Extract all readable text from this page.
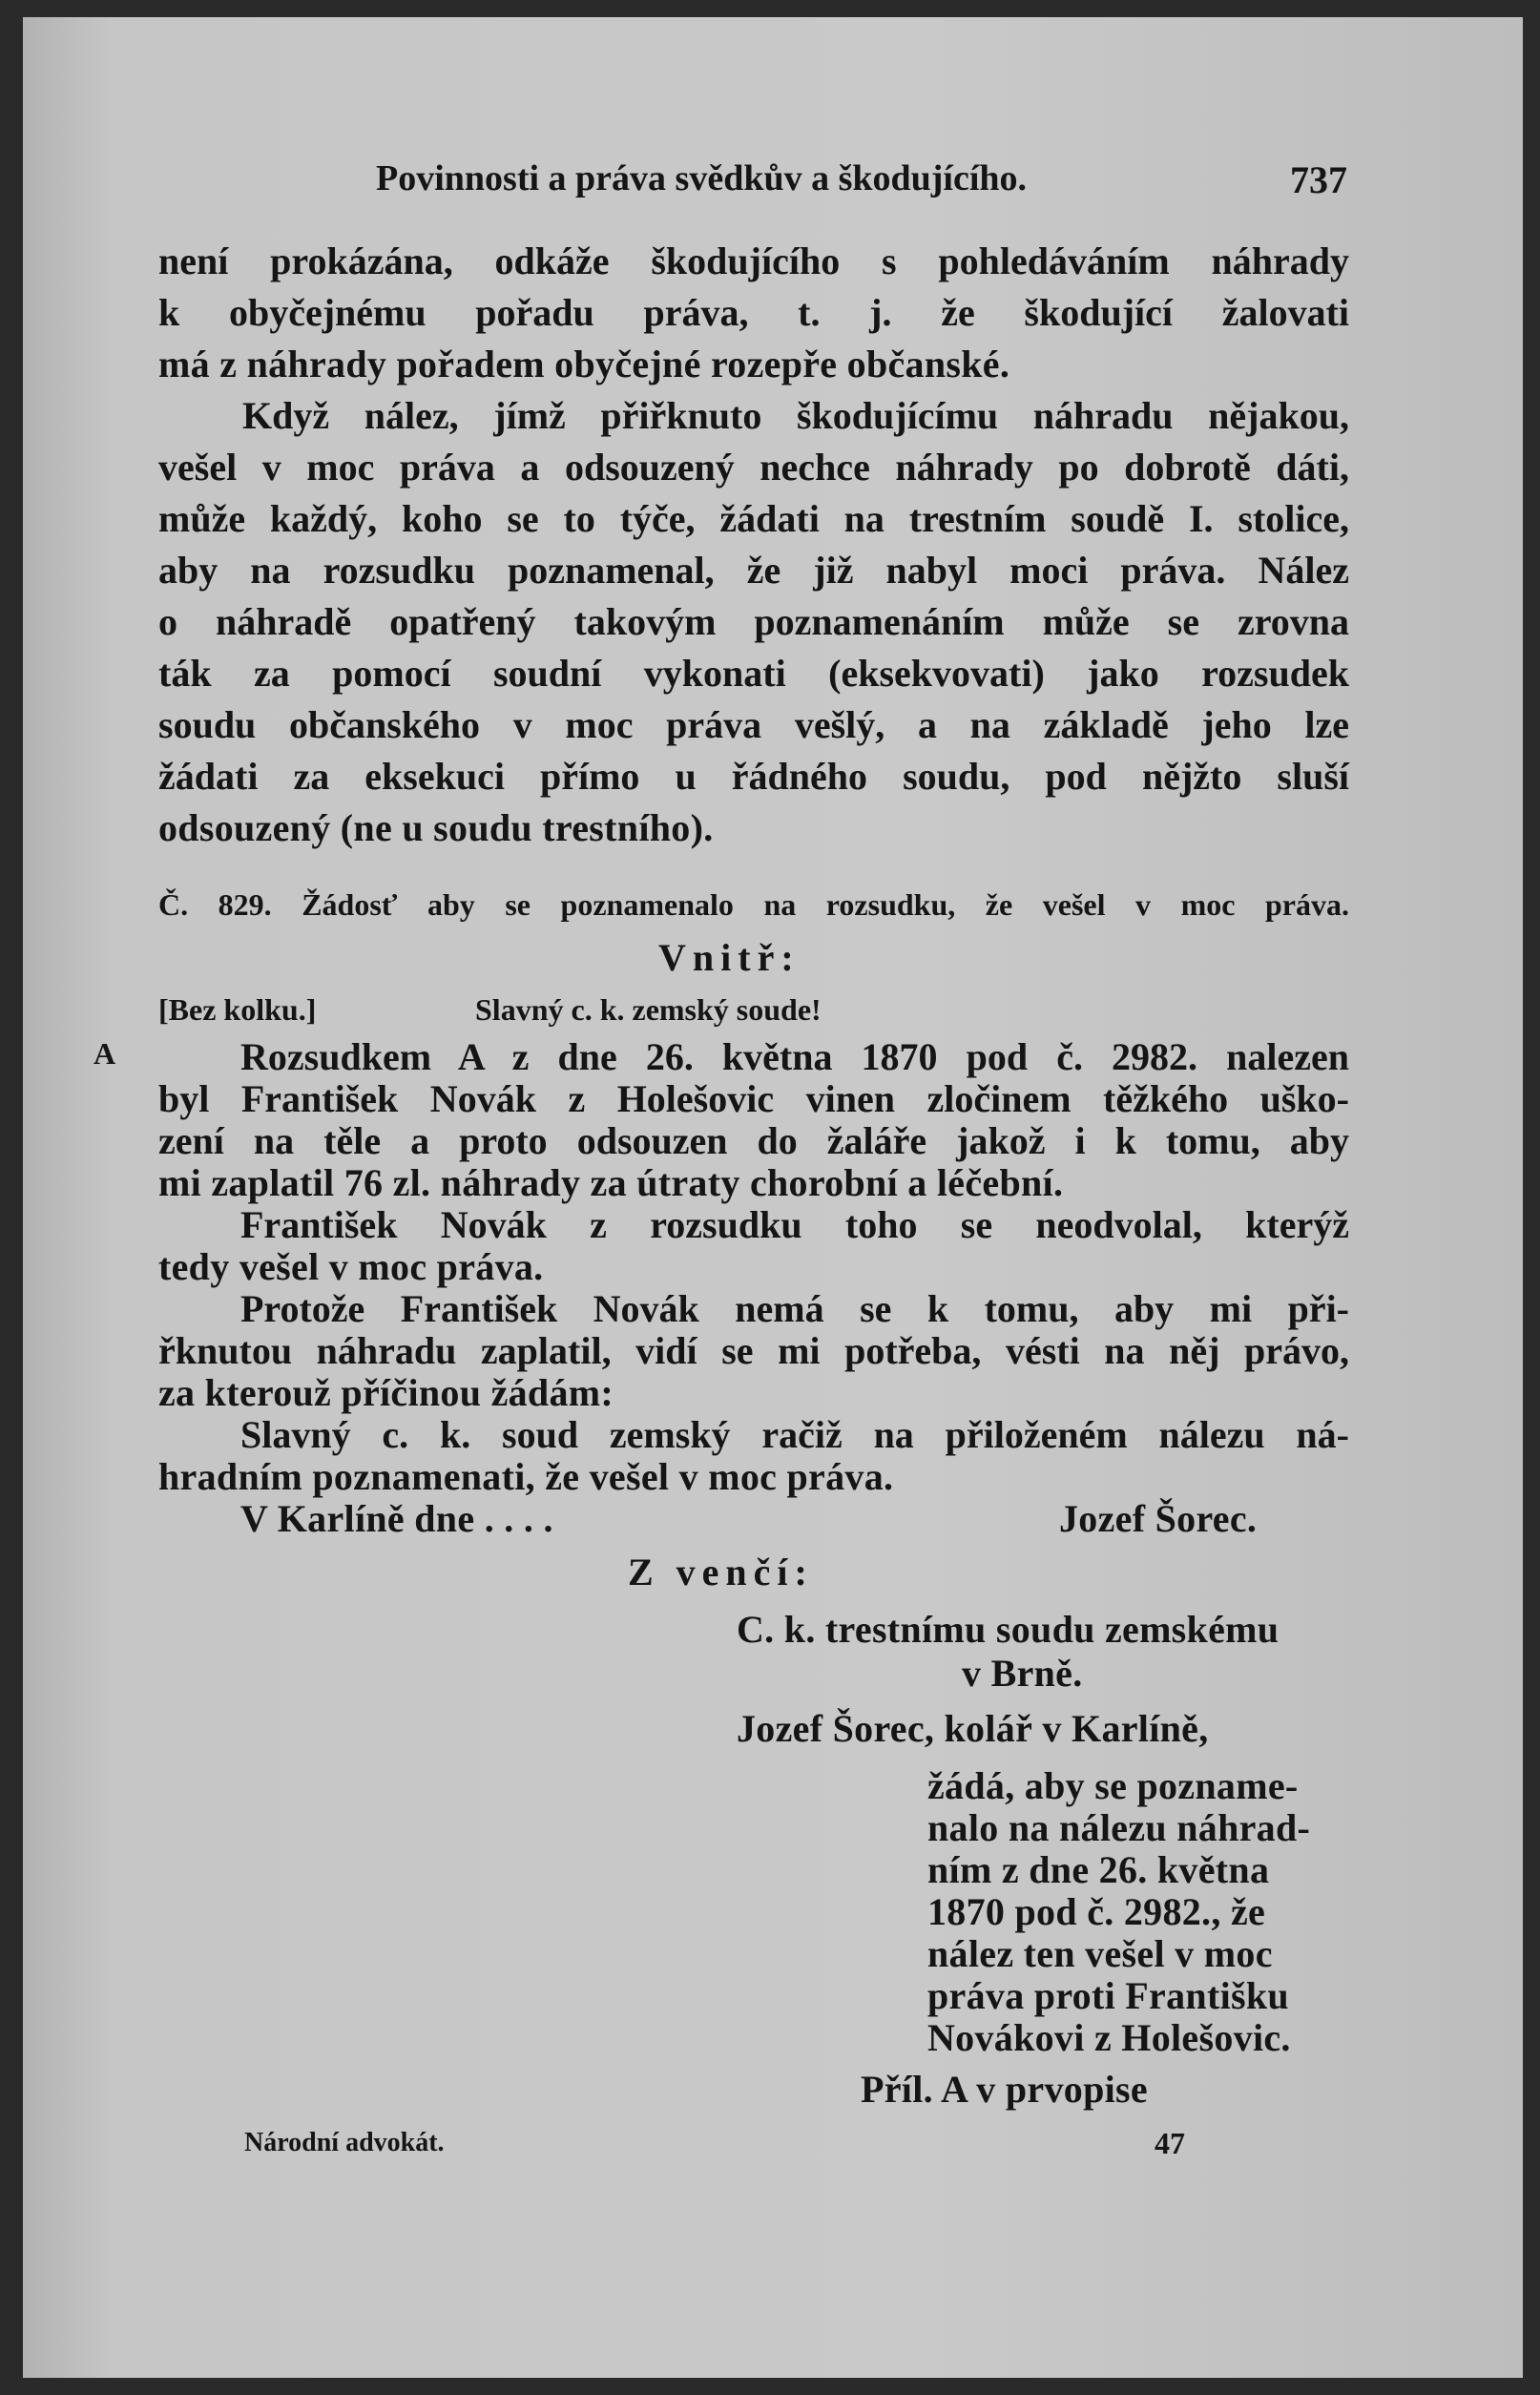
Povinnosti a práva svědkův a škodujícího.	737
není prokázána, odkáže škodujícího s pohledáváním náhrady
k obyčejnému pořadu práva, t. j. že škodující žalovati
má z náhrady pořadem obyčejné rozepře občanské.
Když nález, jímž přiřknuto škodujícímu náhradu nějakou,
vešel v moc práva a odsouzený nechce náhrady po dobrotě dáti,
může každý, koho se to týče, žádati na trestním soudě I. stolice,
aby na rozsudku poznamenal, že již nabyl moci práva. Nález
o náhradě opatřený takovým poznamenáním může se zrovna
ták za pomocí soudní vykonati (eksekvovati) jako rozsudek
soudu občanského v moc práva vešlý, a na základě jeho lze
žádati za eksekuci přímo u řádného soudu, pod nějžto sluší
odsouzený (ne u soudu trestního).
Č. 829. Žádosť aby se poznamenalo na rozsudku, že vešel v moc práva.
Vnitř:
[Bez kolku.]	Slavný c. k. zemský soude!
A	Rozsudkem A z dne 26. května 1870 pod č. 2982. nalezen
byl František Novák z Holešovic vinen zločinem těžkého uško-
zení na těle a proto odsouzen do žaláře jakož i k tomu, aby
mi zaplatil 76 zl. náhrady za útraty chorobní a léčební.
František Novák z rozsudku toho se neodvolal, kterýž
tedy vešel v moc práva.
Protože František Novák nemá se k tomu, aby mi při-
řknutou náhradu zaplatil, vidí se mi potřeba, vésti na něj právo,
za kterouž příčinou žádám:
Slavný c. k. soud zemský račiž na přiloženém nálezu ná-
hradním poznamenati, že vešel v moc práva.
V Karlíně dne . . . .	Jozef Šorec.
Z venčí:
C. k. trestnímu soudu zemskému
v Brně.
Jozef Šorec, kolář v Karlíně,
žádá, aby se pozname-
nalo na nálezu náhrad-
ním z dne 26. května
1870 pod č. 2982., že
nález ten vešel v moc
práva proti Františku
Novákovi z Holešovic.
Příl. A v prvopise
Národní advokát.	47
